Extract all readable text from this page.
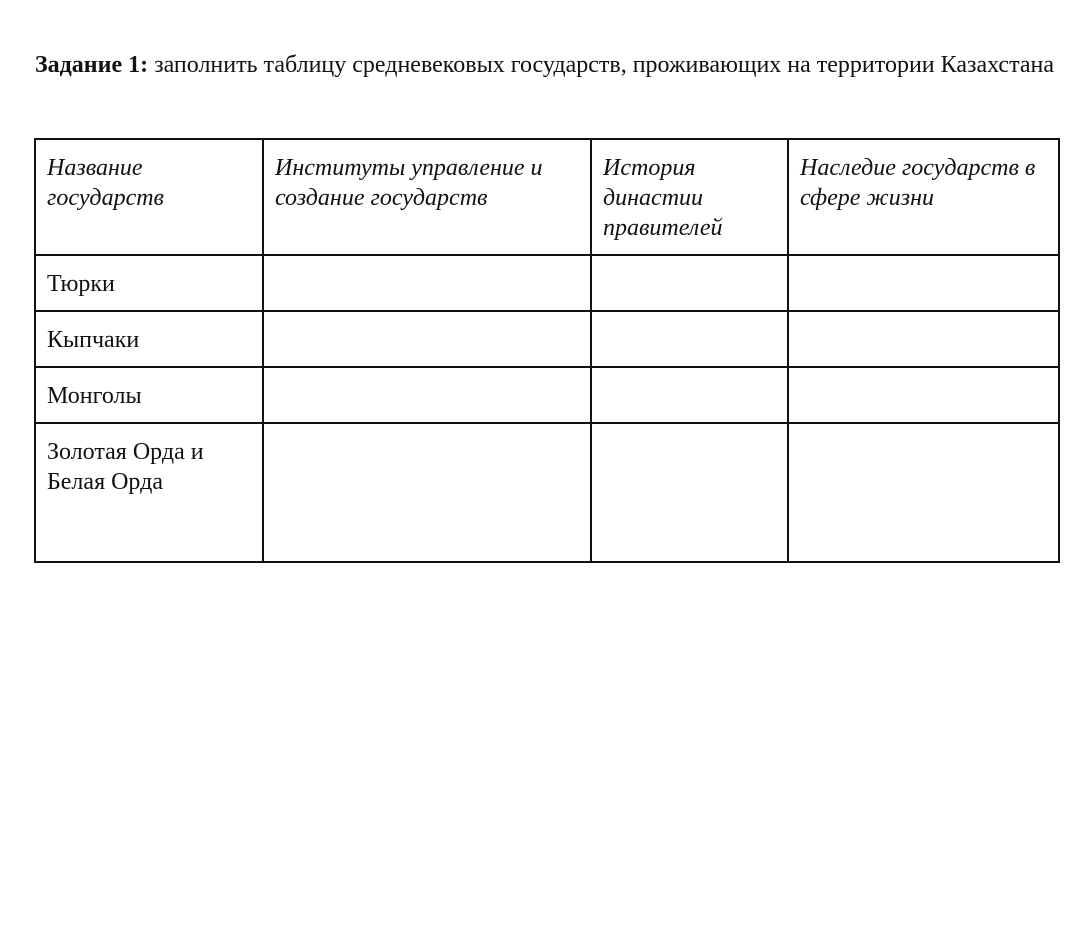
Задание 1: заполнить таблицу средневековых государств, проживающих на территории Казахстана
Название государств	Институты управление и создание государств	История династии правителей	Наследие государств в сфере жизни
Тюрки			
Кыпчаки			
Монголы			
Золотая Орда и Белая Орда			
